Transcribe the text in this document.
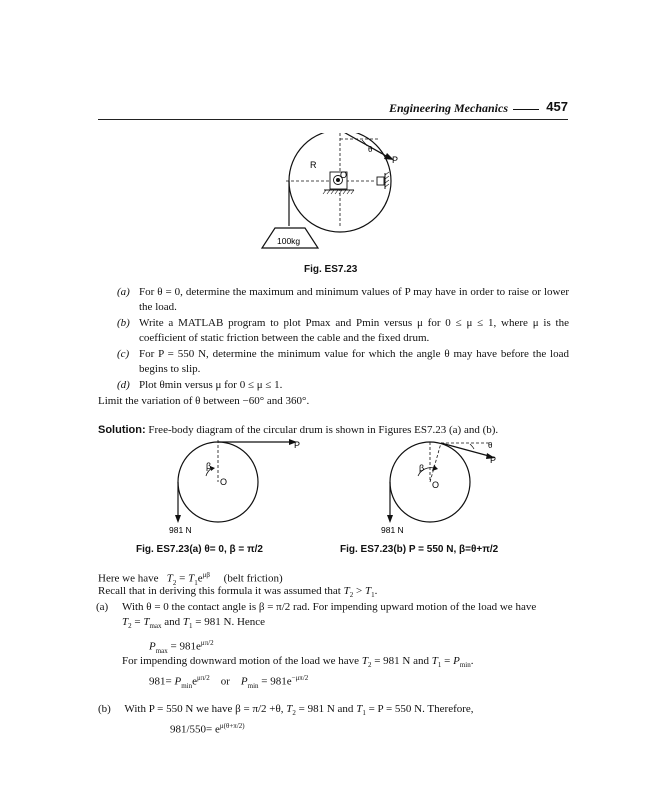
Engineering Mechanics	457
R
O
θ
P
100kg
Fig. ES7.23
(a) For θ = 0, determine the maximum and minimum values of P may have in order to raise or lower the load.
(b) Write a MATLAB program to plot Pmax and Pmin versus μ for 0 ≤ μ ≤ 1, where μ is the coefficient of static friction between the cable and the fixed drum.
(c) For P = 550 N, determine the minimum value for which the angle θ may have before the load begins to slip.
(d) Plot θmin versus μ for 0 ≤ μ ≤ 1.
Limit the variation of θ between −60° and 360°.
Solution: Free-body diagram of the circular drum is shown in Figures ES7.23 (a) and (b).
P
β
O
981 N
Fig. ES7.23(a) θ= 0, β = π/2
θ
P
β
O
981 N
Fig. ES7.23(b) P = 550 N, β=θ+π/2
Here we have $T_2 = T_1e^{\mu\beta}$ (belt friction)
Recall that in deriving this formula it was assumed that $T_2 > T_1$.
(a) With θ = 0 the contact angle is β = π/2 rad. For impending upward motion of the load we have
$T_2 = T_{max}$ and $T_1 = 981$ N. Hence
$P_{max} = 981e^{\mu\pi/2}$
For impending downward motion of the load we have $T_2 = 981$ N and $T_1 = P_{min}$.
$981= P_{min}e^{\mu\pi/2}$ or $P_{min} = 981e^{-\mu\pi/2}$
(b) With P = 550 N we have β = π/2 +θ, $T_2 = 981$ N and $T_1 = P = 550$ N. Therefore,
$981/550= e^{\mu(\theta+\pi/2)}$
